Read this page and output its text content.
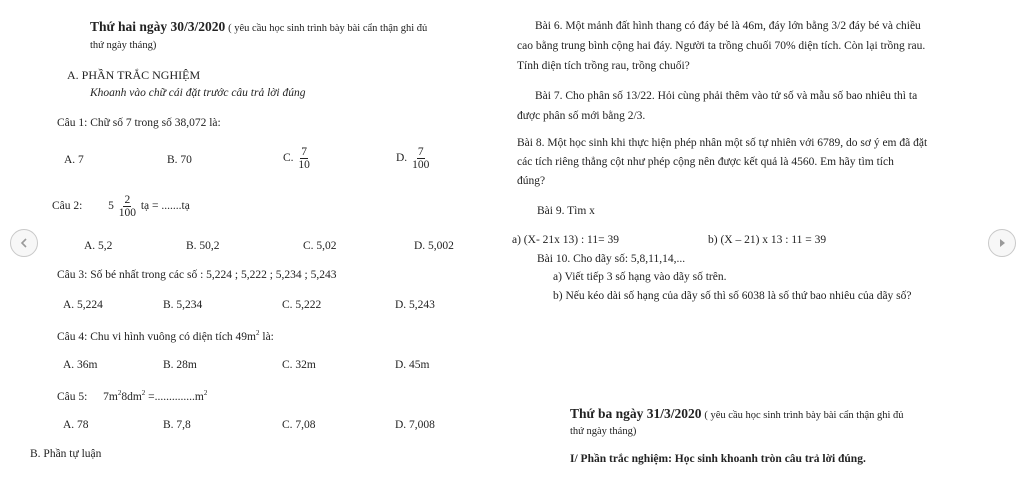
Thứ hai ngày 30/3/2020 ( yêu cầu học sinh trình bày bài cẩn thận ghi đủ
thứ ngày tháng)
A. PHẦN TRẮC NGHIỆM
Khoanh vào chữ cái đặt trước câu trả lời đúng
Câu 1: Chữ số 7 trong số 38,072 là:
A. 7	B. 70	C. $\frac{7}{10}$	D. $\frac{7}{100}$
Câu 2: $5 \frac{2}{100}$ tạ = .......tạ
A. 5,2	B. 50,2	C. 5,02	D. 5,002
Câu 3: Số bé nhất trong các số : 5,224 ; 5,222 ; 5,234 ; 5,243
A. 5,224	B. 5,234	C. 5,222	D. 5,243
Câu 4: Chu vi hình vuông có diện tích $49m^2$ là:
A. 36m	B. 28m	C. 32m	D. 45m
Câu 5: $7m^28dm^2 =..............m^2$
A. 78	B. 7,8	C. 7,08	D. 7,008
B. Phần tự luận
Bài 6. Một mảnh đất hình thang có đáy bé là 46m, đáy lớn bằng 3/2 đáy bé và chiều
cao bằng trung bình cộng hai đáy. Người ta trồng chuối 70% diện tích. Còn lại trồng rau.
Tính diện tích trồng rau, trồng chuối?
Bài 7. Cho phân số 13/22. Hỏi cùng phải thêm vào tử số và mẫu số bao nhiêu thì ta
được phân số mới bằng 2/3.
Bài 8. Một học sinh khi thực hiện phép nhân một số tự nhiên với 6789, do sơ ý em đã đặt
các tích riêng thẳng cột như phép cộng nên được kết quả là 4560. Em hãy tìm tích
đúng?
Bài 9. Tìm x
a) (X- 21x 13) : 11= 39	b) (X – 21) x 13 : 11 = 39
Bài 10. Cho dãy số: 5,8,11,14,...
a) Viết tiếp 3 số hạng vào dãy số trên.
b) Nếu kéo dài số hạng của dãy số thì số 6038 là số thứ bao nhiêu của dãy số?
Thứ ba ngày 31/3/2020 ( yêu cầu học sinh trình bày bài cẩn thận ghi đủ
thứ ngày tháng)
I/ Phần trắc nghiệm: Học sinh khoanh tròn câu trả lời đúng.
